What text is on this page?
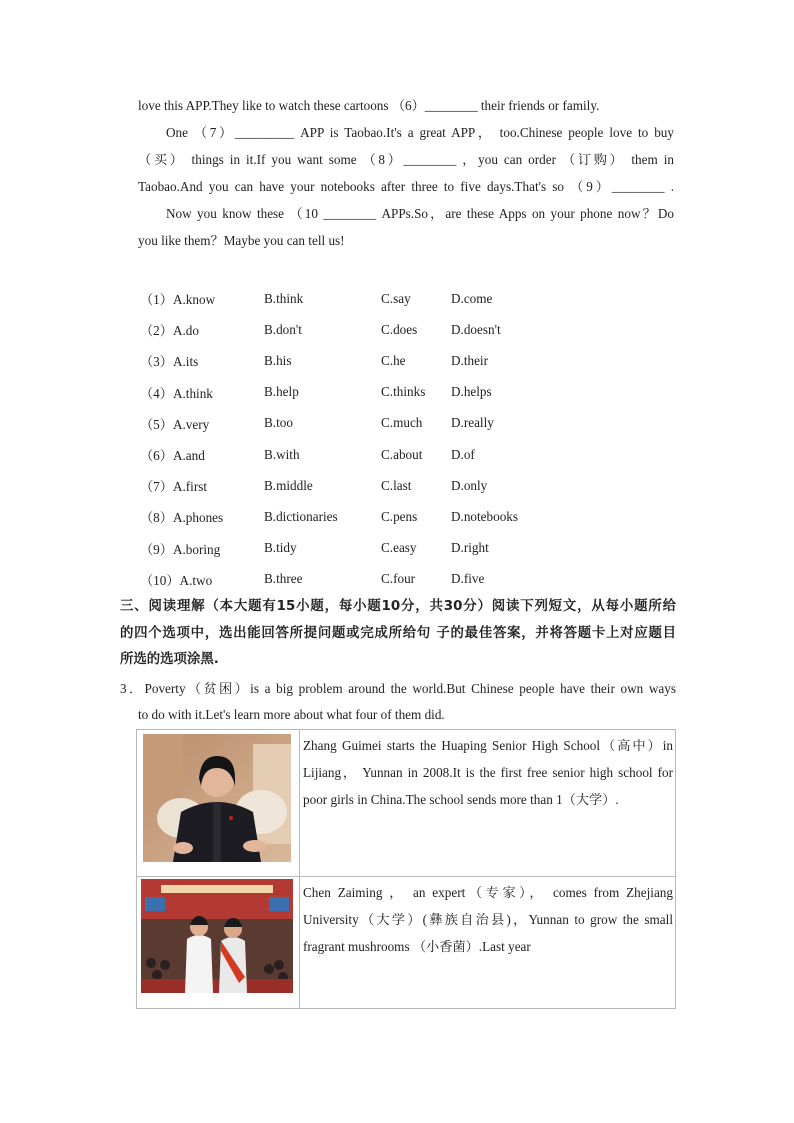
love this APP.They like to watch these cartoons （6）________ their friends or family.

One （7）_________ APP is Taobao.It's a great APP， too.Chinese people love to buy
（买） things in it.If you want some （8）________ ，you can order （订购） them in
Taobao.And you can have your notebooks after three to five days.That's so （9）________ .

Now you know these （10 ________ APPs.So，are these Apps on your phone now？Do
you like them？Maybe you can tell us!

（1）A.know	B.think	C.say	D.come
（2）A.do	B.don't	C.does	D.doesn't
（3）A.its	B.his	C.he	D.their
（4）A.think	B.help	C.thinks	D.helps
（5）A.very	B.too	C.much	D.really
（6）A.and	B.with	C.about	D.of
（7）A.first	B.middle	C.last	D.only
（8）A.phones	B.dictionaries	C.pens	D.notebooks
（9）A.boring	B.tidy	C.easy	D.right
（10）A.two	B.three	C.four	D.five

三、阅读理解（本大题有15小题，每小题10分，共30分）阅读下列短文，从每小题所给
的四个选项中，选出能回答所提问题或完成所给句 子的最佳答案，并将答题卡上对应题目
所选的选项涂黑.

3．Poverty（贫困）is a big problem around the world.But Chinese people have their own ways
to do with it.Let's learn more about what four of them did.

Zhang Guimei starts the Huaping Senior High School（高中）in
Lijiang， Yunnan in 2008.It is the first free senior high school for
poor girls in China.The school sends more than 1（大学）.

Chen Zaiming ， an expert（专家）， comes from Zhejiang
University（大学）(彝族自治县)，Yunnan to grow the small
fragrant mushrooms （小香菌）.Last year
